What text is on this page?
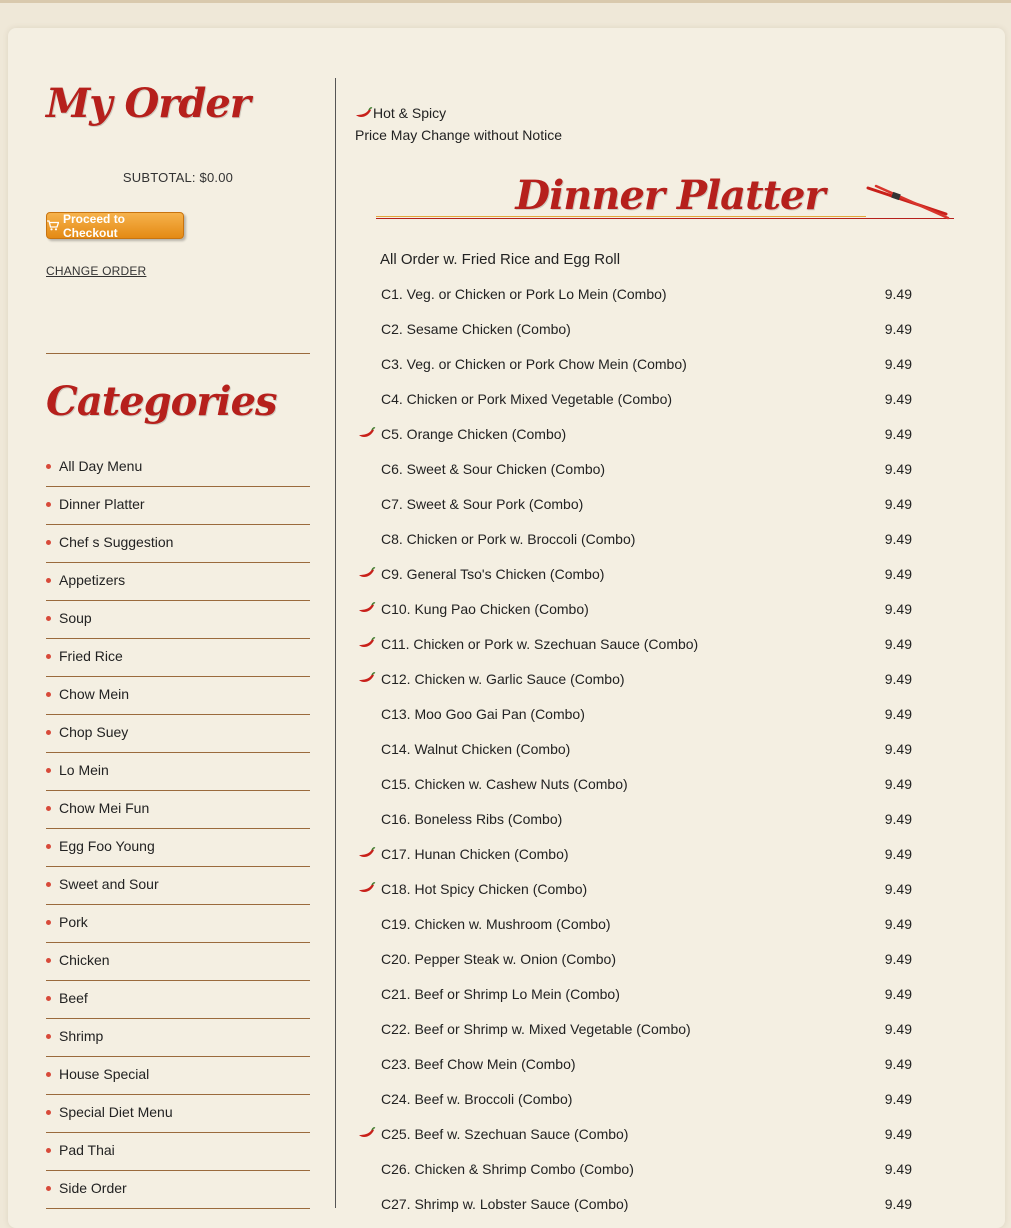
My Order
SUBTOTAL: $0.00
Proceed to Checkout
CHANGE ORDER
Categories
All Day Menu
Dinner Platter
Chef s Suggestion
Appetizers
Soup
Fried Rice
Chow Mein
Chop Suey
Lo Mein
Chow Mei Fun
Egg Foo Young
Sweet and Sour
Pork
Chicken
Beef
Shrimp
House Special
Special Diet Menu
Pad Thai
Side Order
Hot & Spicy
Price May Change without Notice
Dinner Platter
All Order w. Fried Rice and Egg Roll
C1. Veg. or Chicken or Pork Lo Mein (Combo)	9.49
C2. Sesame Chicken (Combo)	9.49
C3. Veg. or Chicken or Pork Chow Mein (Combo)	9.49
C4. Chicken or Pork Mixed Vegetable (Combo)	9.49
C5. Orange Chicken (Combo)	9.49
C6. Sweet & Sour Chicken (Combo)	9.49
C7. Sweet & Sour Pork (Combo)	9.49
C8. Chicken or Pork w. Broccoli (Combo)	9.49
C9. General Tso's Chicken (Combo)	9.49
C10. Kung Pao Chicken (Combo)	9.49
C11. Chicken or Pork w. Szechuan Sauce (Combo)	9.49
C12. Chicken w. Garlic Sauce (Combo)	9.49
C13. Moo Goo Gai Pan (Combo)	9.49
C14. Walnut Chicken (Combo)	9.49
C15. Chicken w. Cashew Nuts (Combo)	9.49
C16. Boneless Ribs (Combo)	9.49
C17. Hunan Chicken (Combo)	9.49
C18. Hot Spicy Chicken (Combo)	9.49
C19. Chicken w. Mushroom (Combo)	9.49
C20. Pepper Steak w. Onion (Combo)	9.49
C21. Beef or Shrimp Lo Mein (Combo)	9.49
C22. Beef or Shrimp w. Mixed Vegetable (Combo)	9.49
C23. Beef Chow Mein (Combo)	9.49
C24. Beef w. Broccoli (Combo)	9.49
C25. Beef w. Szechuan Sauce (Combo)	9.49
C26. Chicken & Shrimp Combo (Combo)	9.49
C27. Shrimp w. Lobster Sauce (Combo)	9.49
